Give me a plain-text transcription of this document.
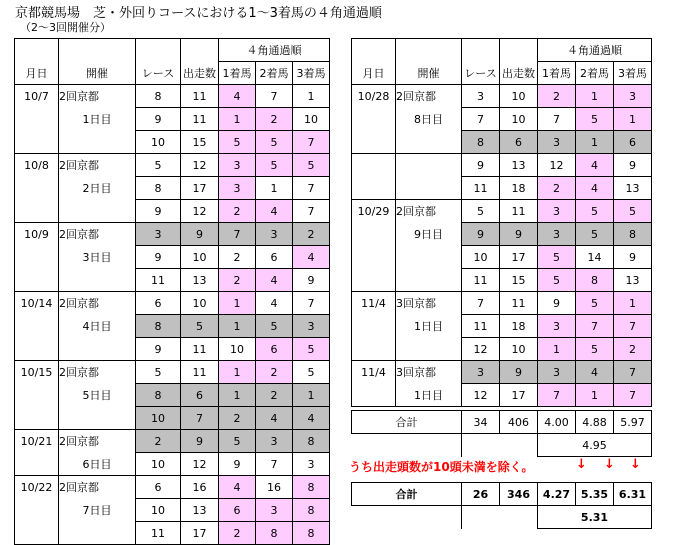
京都競馬場　芝・外回りコースにおける1～3着馬の４角通過順
（2～3回開催分）
				４角通過順		
月日	開催	レース	出走数	1着馬	2着馬	3着馬
10/7	2回京都	8	11	4	7	1
	1日目	9	11	1	2	10
		10	15	5	5	7
10/8	2回京都	5	12	3	5	5
	2日目	8	17	3	1	7
		9	12	2	4	7
10/9	2回京都	3	9	7	3	2
	3日目	9	10	2	6	4
		11	13	2	4	9
10/14	2回京都	6	10	1	4	7
	4日目	8	5	1	5	3
		9	11	10	6	5
10/15	2回京都	5	11	1	2	5
	5日目	8	6	1	2	1
		10	7	2	4	4
10/21	2回京都	2	9	5	3	8
	6日目	10	12	9	7	3
10/22	2回京都	6	16	4	16	8
	7日目	10	13	6	3	8
		11	17	2	8	8
				４角通過順		
月日	開催	レース	出走数	1着馬	2着馬	3着馬
10/28	2回京都	3	10	2	1	3
	8日目	7	10	7	5	1
		8	6	3	1	6
		9	13	12	4	9
		11	18	2	4	13
10/29	2回京都	5	11	3	5	5
	9日目	9	9	3	5	8
		10	17	5	14	9
		11	15	5	8	13
11/4	3回京都	7	11	9	5	1
	1日目	11	18	3	7	7
		12	10	1	5	2
11/4	3回京都	3	9	3	4	7
	1日目	12	17	7	1	7
合計	34	406	4.00	4.88	5.97
			4.95		
うち出走頭数が10頭未満を除く。	↓ ↓ ↓
合計	26	346	4.27	5.35	6.31
			5.31		
